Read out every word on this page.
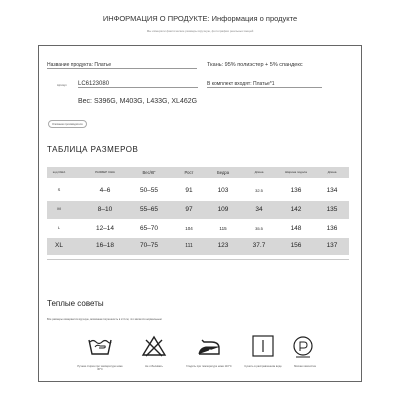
ИНФОРМАЦИЯ О ПРОДУКТЕ: Информация о продукте
Мы измеряли фактические размеры вручную, фотографии реальных вещей
Название продукта: Платье	Ткань: 95% полиэстер + 5% спандекс
Артикул LC6123080	В комплект входят: Платье*1
Вес: S396G, M403G, L433G, XL462G
Описание производителя
ТАБЛИЦА РАЗМЕРОВ
код США	РАЗМЕР США	Вес/КГ	Рост	Бедра	Длина	Ширина подола	Длина
S	4–6	50–55	91	103	32.5	136	134
M	8–10	55–65	97	109	34	142	135
L	12–14	65–70	104	115	35.5	148	136
XL	16–18	70–75	111	123	37.7	156	137
Теплые советы
Все размеры измеряются вручную, возможна погрешность в 2-3 см, что является нормальным
Ручная стирка при температуре ниже 30°C
Не отбеливать	Гладить при температуре ниже 110°C	Сушить в расправленном виде	Мягкая химчистка
